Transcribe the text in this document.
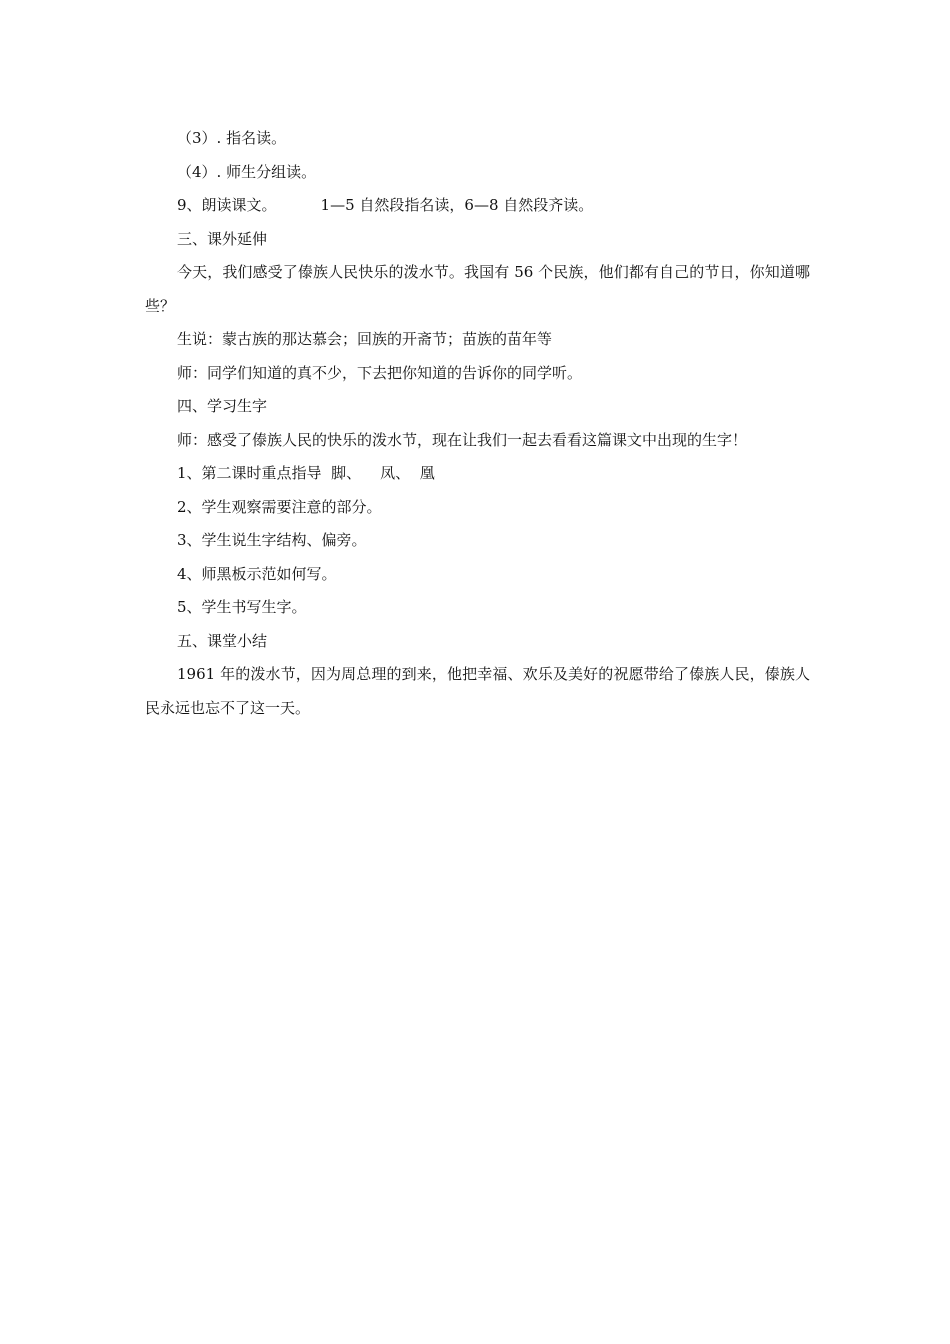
（3）. 指名读。
（4）. 师生分组读。
9、朗读课文。	1—5 自然段指名读，6—8 自然段齐读。
三、课外延伸
今天，我们感受了傣族人民快乐的泼水节。我国有 56 个民族，他们都有自己的节日，你知道哪些？
生说：蒙古族的那达慕会；回族的开斋节；苗族的苗年等
师：同学们知道的真不少，下去把你知道的告诉你的同学听。
四、学习生字
师：感受了傣族人民的快乐的泼水节，现在让我们一起去看看这篇课文中出现的生字！
1、第二课时重点指导  脚、    凤、  凰
2、学生观察需要注意的部分。
3、学生说生字结构、偏旁。
4、师黑板示范如何写。
5、学生书写生字。
五、课堂小结
1961 年的泼水节，因为周总理的到来，他把幸福、欢乐及美好的祝愿带给了傣族人民，傣族人民永远也忘不了这一天。
